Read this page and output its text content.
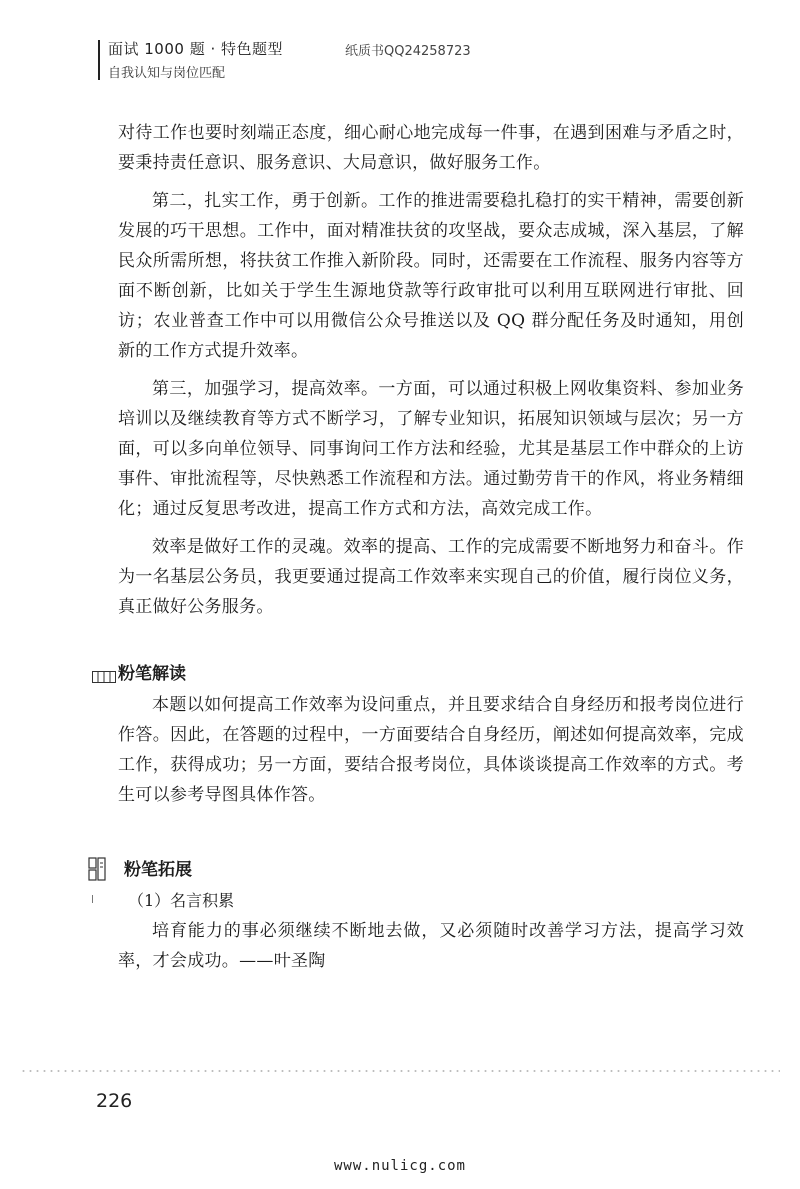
面试 1000 题 · 特色题型
自我认知与岗位匹配
纸质书QQ24258723

对待工作也要时刻端正态度，细心耐心地完成每一件事，在遇到困难与矛盾之时，要秉持责任意识、服务意识、大局意识，做好服务工作。

第二，扎实工作，勇于创新。工作的推进需要稳扎稳打的实干精神，需要创新发展的巧干思想。工作中，面对精准扶贫的攻坚战，要众志成城，深入基层，了解民众所需所想，将扶贫工作推入新阶段。同时，还需要在工作流程、服务内容等方面不断创新，比如关于学生生源地贷款等行政审批可以利用互联网进行审批、回访；农业普查工作中可以用微信公众号推送以及 QQ 群分配任务及时通知，用创新的工作方式提升效率。

第三，加强学习，提高效率。一方面，可以通过积极上网收集资料、参加业务培训以及继续教育等方式不断学习，了解专业知识，拓展知识领域与层次；另一方面，可以多向单位领导、同事询问工作方法和经验，尤其是基层工作中群众的上访事件、审批流程等，尽快熟悉工作流程和方法。通过勤劳肯干的作风，将业务精细化；通过反复思考改进，提高工作方式和方法，高效完成工作。

效率是做好工作的灵魂。效率的提高、工作的完成需要不断地努力和奋斗。作为一名基层公务员，我更要通过提高工作效率来实现自己的价值，履行岗位义务，真正做好公务服务。

粉笔解读

本题以如何提高工作效率为设问重点，并且要求结合自身经历和报考岗位进行作答。因此，在答题的过程中，一方面要结合自身经历，阐述如何提高效率，完成工作，获得成功；另一方面，要结合报考岗位，具体谈谈提高工作效率的方式。考生可以参考导图具体作答。

粉笔拓展

（1）名言积累

培育能力的事必须继续不断地去做，又必须随时改善学习方法，提高学习效率，才会成功。——叶圣陶

226
www.nulicg.com
